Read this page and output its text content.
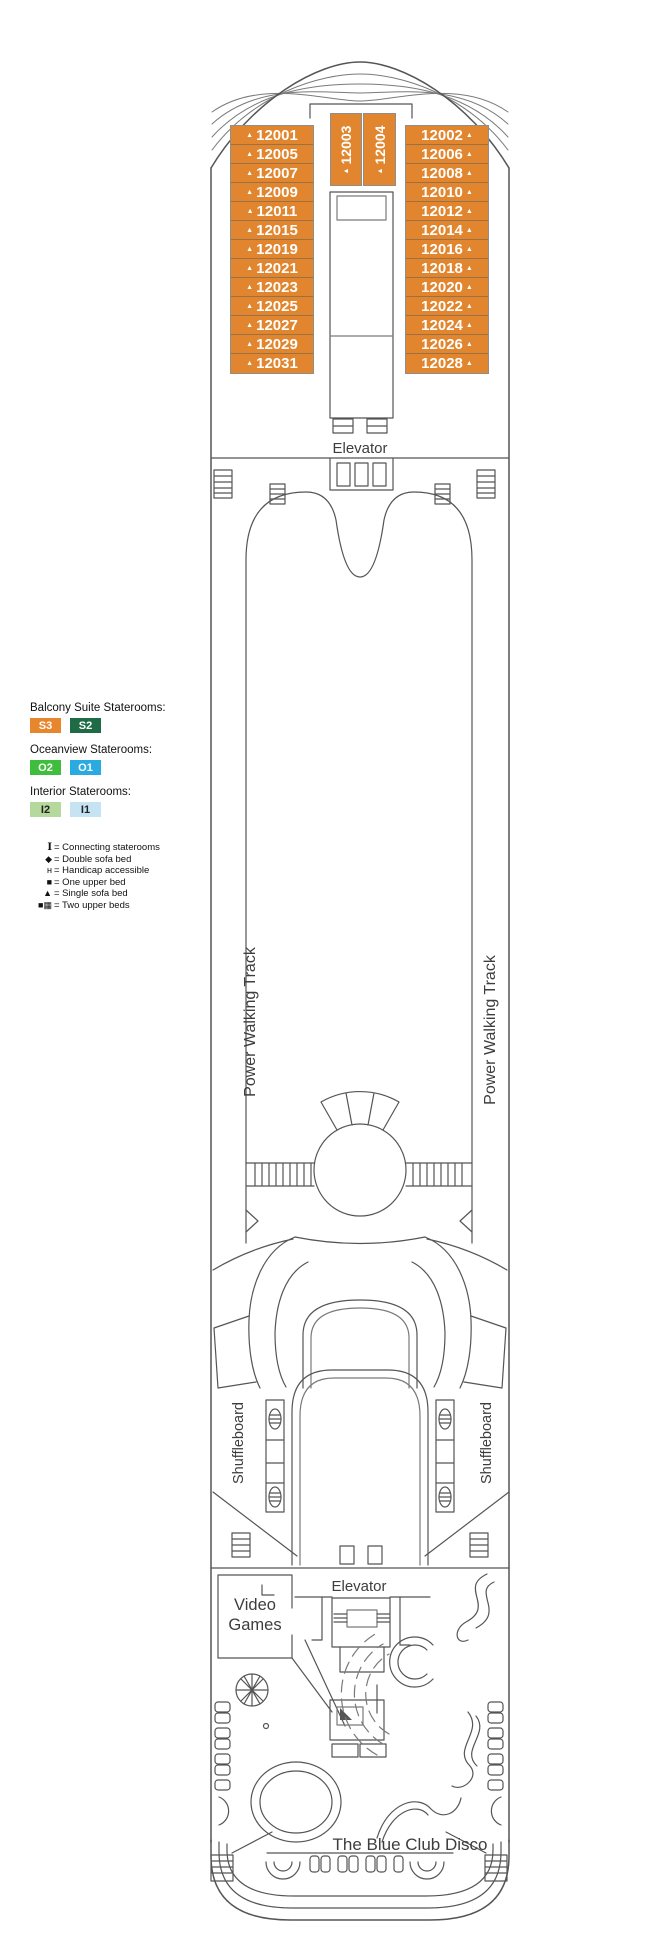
▲ 12001
▲ 12005
▲ 12007
▲ 12009
▲ 12011
▲ 12015
▲ 12019
▲ 12021
▲ 12023
▲ 12025
▲ 12027
▲ 12029
▲ 12031
12002 ▲
12006 ▲
12008 ▲
12010 ▲
12012 ▲
12014 ▲
12016 ▲
12018 ▲
12020 ▲
12022 ▲
12024 ▲
12026 ▲
12028 ▲
▲
12003
▲
12004
Elevator
Elevator
Power Walking Track	Power Walking Track
Shuffleboard	Shuffleboard
Video
Games
The Blue Club Disco
Balcony Suite Staterooms:
S3	S2
Oceanview Staterooms:
O2	O1
Interior Staterooms:
I2	I1
Ⅰ = Connecting staterooms
◆ = Double sofa bed
ʜ = Handicap accessible
■ = One upper bed
▲ = Single sofa bed
■▦ = Two upper beds
